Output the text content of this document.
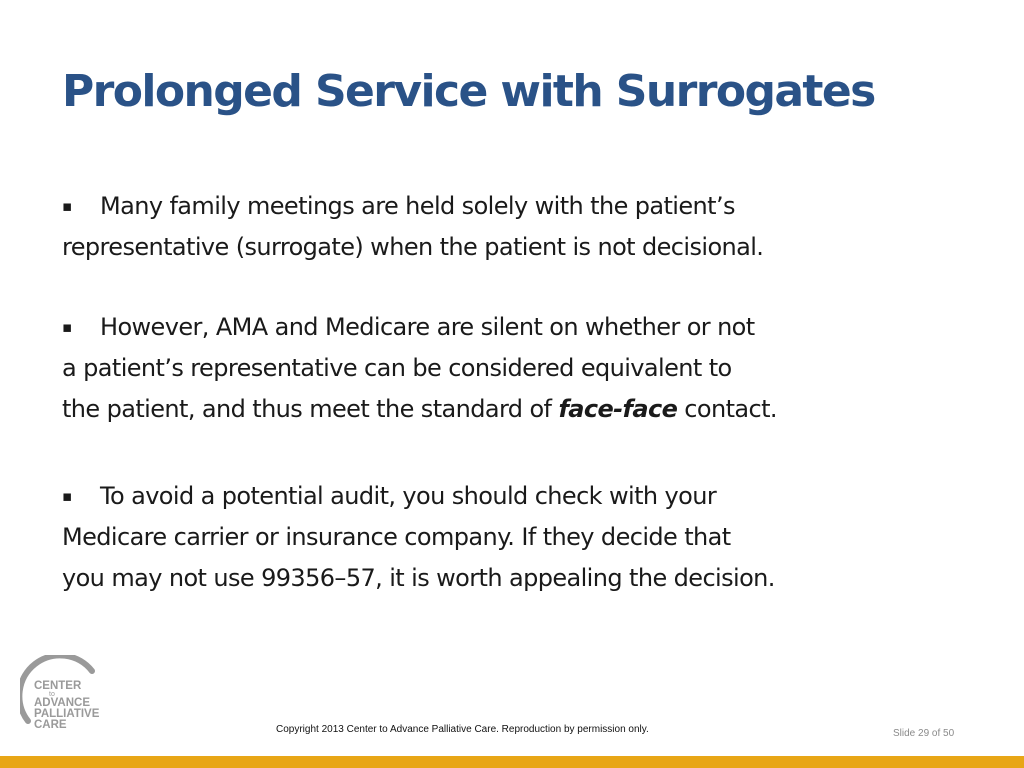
Prolonged Service with Surrogates

▪ Many family meetings are held solely with the patient’s
representative (surrogate) when the patient is not decisional.

▪ However, AMA and Medicare are silent on whether or not
a patient’s representative can be considered equivalent to
the patient, and thus meet the standard of face-face contact.

▪ To avoid a potential audit, you should check with your
Medicare carrier or insurance company. If they decide that
you may not use 99356–57, it is worth appealing the decision.

CENTER
to
ADVANCE
PALLIATIVE
CARE	Copyright 2013 Center to Advance Palliative Care. Reproduction by permission only.	Slide 29 of 50
